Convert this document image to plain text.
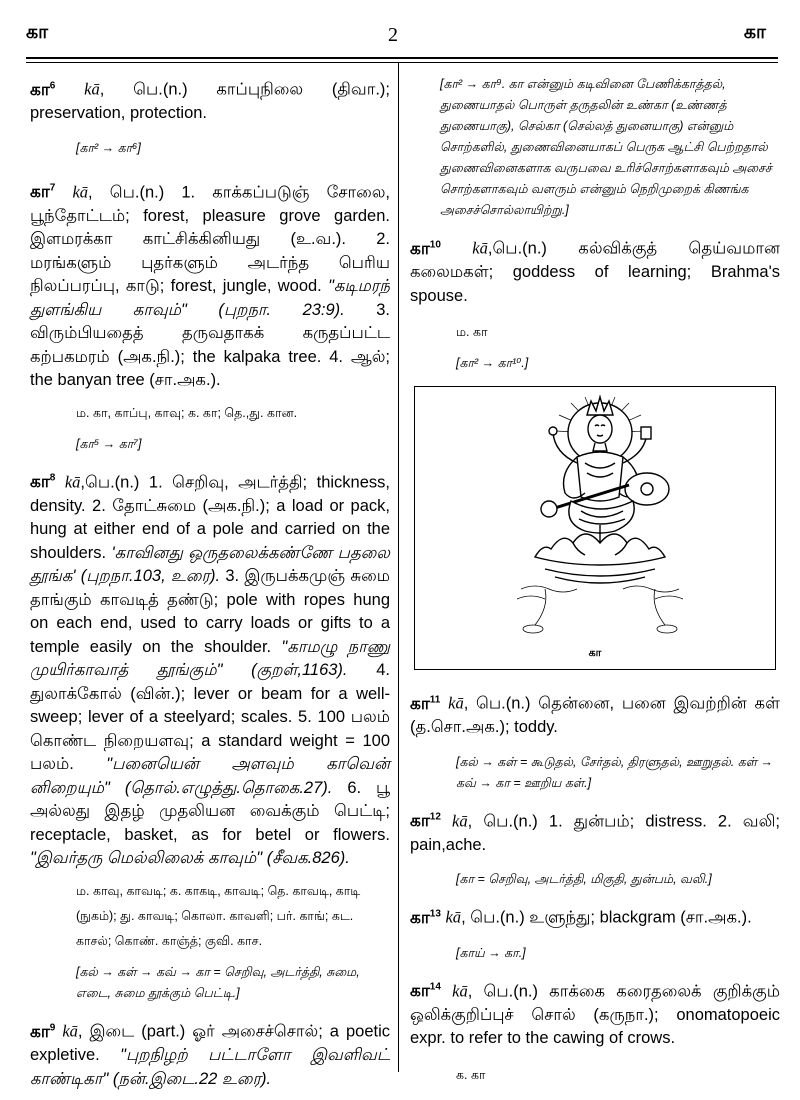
கா	2	கா

கா$^6$ kā, பெ.(n.) காப்புநிலை (திவா.); preservation, protection.

[கா² → கா⁶]

கா$^7$ kā, பெ.(n.) 1. காக்கப்படுஞ் சோலை, பூந்தோட்டம்; forest, pleasure grove garden. இளமரக்கா காட்சிக்கினியது (உ.வ.). 2. மரங்களும் புதர்களும் அடர்ந்த பெரிய நிலப்பரப்பு, காடு; forest, jungle, wood. "கடிமரந் துளங்கிய காவும்" (புறநா. 23:9). 3. விரும்பியதைத் தருவதாகக் கருதப்பட்ட கற்பகமரம் (அக.நி.); the kalpaka tree. 4. ஆல்; the banyan tree (சா.அக.).

ம. கா, காப்பு, காவு; க. கா; தெ.,து. கான.

[கா⁵ → கா⁷]

கா$^8$ kā,பெ.(n.) 1. செறிவு, அடர்த்தி; thickness, density. 2. தோட்சுமை (அக.நி.); a load or pack, hung at either end of a pole and carried on the shoulders. 'காவினது ஒருதலைக்கண்ணே பதலை தூங்க' (புறநா.103, உரை). 3. இருபக்கமுஞ் சுமை தாங்கும் காவடித் தண்டு; pole with ropes hung on each end, used to carry loads or gifts to a temple easily on the shoulder. "காமழு நாணு முயிர்காவாத் தூங்கும்" (குறள்,1163). 4. துலாக்கோல் (வின்.); lever or beam for a well-sweep; lever of a steelyard; scales. 5. 100 பலம் கொண்ட நிறையளவு; a standard weight = 100 பலம். "பனையென் அளவும் காவென் னிறையும்" (தொல்.எழுத்து.தொகை.27). 6. பூ அல்லது இதழ் முதலியன வைக்கும் பெட்டி; receptacle, basket, as for betel or flowers. "இவர்தரு மெல்லிலைக் காவும்" (சீவக.826).

ம. காவு, காவடி; க. காகடி, காவடி; தெ. காவடி, காடி (நுகம்); து. காவடி; கொலா. காவளி; பர். காங்; கட. காசல்; கொண். காஞ்த்; குவி. காச.

[கல் → கள் → கவ் → கா = செறிவு, அடர்த்தி, சுமை, எடை, சுமை தூக்கும் பெட்டி.]

கா$^9$ kā, இடை (part.) ஓர் அசைச்சொல்; a poetic expletive. "புறநிழற் பட்டாளோ இவளிவட் காண்டிகா" (நன்.இடை.22 உரை).

[கா² → கா⁹. கா என்னும் கடிவினை பேணிக்காத்தல், துணையாதல் பொருள் தருதலின் உண்கா (உண்ணத் துணையாகு), செல்கா (செல்லத் துனையாகு) என்னும் சொற்களில், துணைவினையாகப் பெருக ஆட்சி பெற்றதால் துணைவினைகளாக வருபவை உரிச்சொற்களாகவும் அசைச் சொற்களாகவும் வளரும் என்னும் நெறிமுறைக் கிணங்க அசைச்சொல்லாயிற்று.]

கா$^{10}$ kā,பெ.(n.) கல்விக்குத் தெய்வமான கலைமகள்; goddess of learning; Brahma's spouse.

ம. கா

[கா² → கா¹⁰.]

கா

கா$^{11}$ kā, பெ.(n.) தென்னை, பனை இவற்றின் கள் (த.சொ.அக.); toddy.

[கல் → கள் = கூடுதல், சேர்தல், திரளுதல், ஊறுதல். கள் → கவ் → கா = ஊறிய கள்.]

கா$^{12}$ kā, பெ.(n.) 1. துன்பம்; distress. 2. வலி; pain,ache.

[கா = செறிவு, அடர்த்தி, மிகுதி, துன்பம், வலி.]

கா$^{13}$ kā, பெ.(n.) உளுந்து; blackgram (சா.அக.).

[காய் → கா.]

கா$^{14}$ kā, பெ.(n.) காக்கை கரைதலைக் குறிக்கும் ஒலிக்குறிப்புச் சொல் (கருநா.); onomatopoeic expr. to refer to the cawing of crows.

க. கா
